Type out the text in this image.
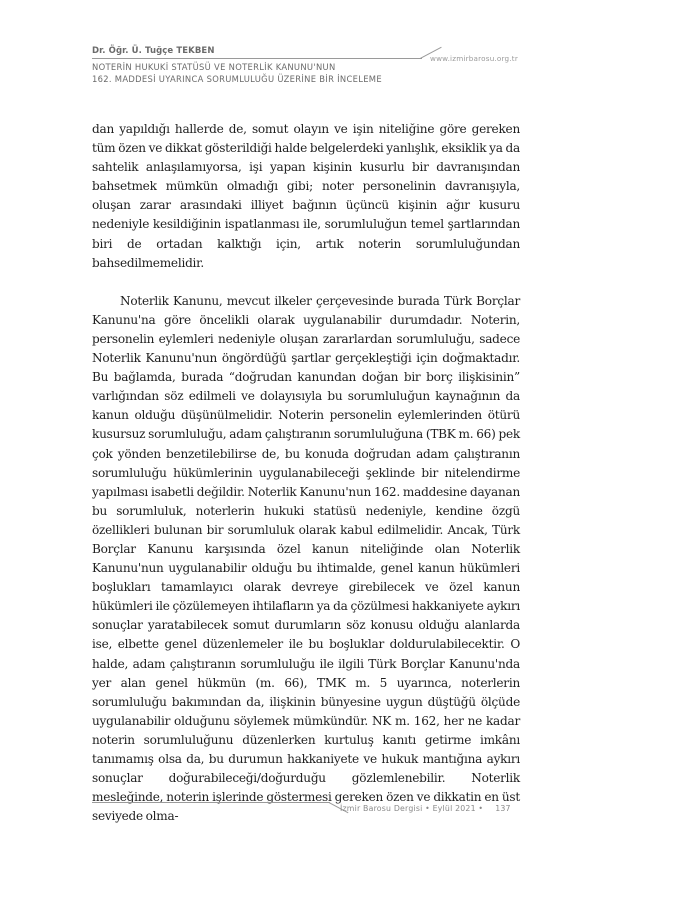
Dr. Öğr. Ü. Tuğçe TEKBEN
www.izmirbarosu.org.tr
NOTERİN HUKUKİ STATÜSÜ VE NOTERLİK KANUNU'NUN
162. MADDESİ UYARINCA SORUMLULUĞU ÜZERİNE BİR İNCELEME

dan yapıldığı hallerde de, somut olayın ve işin niteliğine göre gereken tüm özen ve dikkat gösterildiği halde belgelerdeki yanlışlık, eksiklik ya da sahtelik anlaşılamıyorsa, işi yapan kişinin kusurlu bir davranışından bahsetmek mümkün olmadığı gibi; noter personelinin davranışıyla, oluşan zarar arasındaki illiyet bağının üçüncü kişinin ağır kusuru nedeniyle kesildiğinin ispatlanması ile, sorumluluğun temel şartlarından biri de ortadan kalktığı için, artık noterin sorumluluğundan bahsedilmemelidir.

Noterlik Kanunu, mevcut ilkeler çerçevesinde burada Türk Borçlar Kanunu'na göre öncelikli olarak uygulanabilir durumdadır. Noterin, personelin eylemleri nedeniyle oluşan zararlardan sorumluluğu, sadece Noterlik Kanunu'nun öngördüğü şartlar gerçekleştiği için doğmaktadır. Bu bağlamda, burada “doğrudan kanundan doğan bir borç ilişkisinin” varlığından söz edilmeli ve dolayısıyla bu sorumluluğun kaynağının da kanun olduğu düşünülmelidir. Noterin personelin eylemlerinden ötürü kusursuz sorumluluğu, adam çalıştıranın sorumluluğuna (TBK m. 66) pek çok yönden benzetilebilirse de, bu konuda doğrudan adam çalıştıranın sorumluluğu hükümlerinin uygulanabileceği şeklinde bir nitelendirme yapılması isabetli değildir. Noterlik Kanunu'nun 162. maddesine dayanan bu sorumluluk, noterlerin hukuki statüsü nedeniyle, kendine özgü özellikleri bulunan bir sorumluluk olarak kabul edilmelidir. Ancak, Türk Borçlar Kanunu karşısında özel kanun niteliğinde olan Noterlik Kanunu'nun uygulanabilir olduğu bu ihtimalde, genel kanun hükümleri boşlukları tamamlayıcı olarak devreye girebilecek ve özel kanun hükümleri ile çözülemeyen ihtilafların ya da çözülmesi hakkaniyete aykırı sonuçlar yaratabilecek somut durumların söz konusu olduğu alanlarda ise, elbette genel düzenlemeler ile bu boşluklar doldurulabilecektir. O halde, adam çalıştıranın sorumluluğu ile ilgili Türk Borçlar Kanunu'nda yer alan genel hükmün (m. 66), TMK m. 5 uyarınca, noterlerin sorumluluğu bakımından da, ilişkinin bünyesine uygun düştüğü ölçüde uygulanabilir olduğunu söylemek mümkündür. NK m. 162, her ne kadar noterin sorumluluğunu düzenlerken kurtuluş kanıtı getirme imkânı tanımamış olsa da, bu durumun hakkaniyete ve hukuk mantığına aykırı sonuçlar doğurabileceği/doğurduğu gözlemlenebilir. Noterlik mesleğinde, noterin işlerinde göstermesi gereken özen ve dikkatin en üst seviyede olma-

İzmir Barosu Dergisi • Eylül 2021 • 137
